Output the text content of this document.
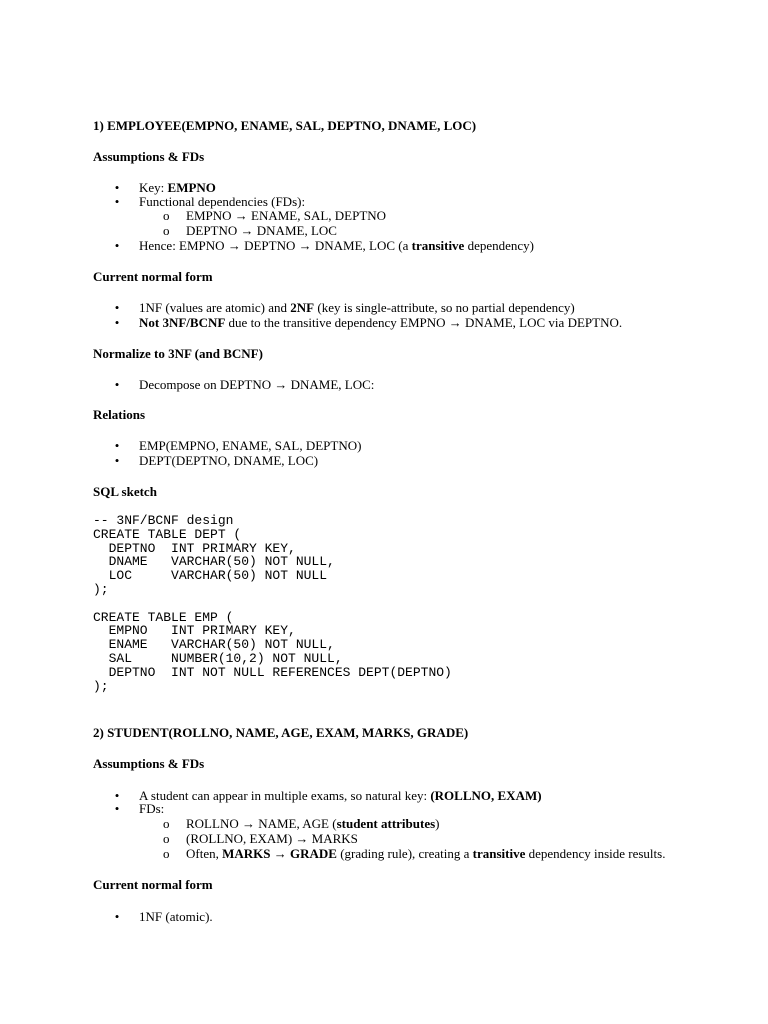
1) EMPLOYEE(EMPNO, ENAME, SAL, DEPTNO, DNAME, LOC)
Assumptions & FDs
• Key: EMPNO
• Functional dependencies (FDs):
o EMPNO → ENAME, SAL, DEPTNO
o DEPTNO → DNAME, LOC
• Hence: EMPNO → DEPTNO → DNAME, LOC (a transitive dependency)
Current normal form
• 1NF (values are atomic) and 2NF (key is single-attribute, so no partial dependency)
• Not 3NF/BCNF due to the transitive dependency EMPNO → DNAME, LOC via DEPTNO.
Normalize to 3NF (and BCNF)
• Decompose on DEPTNO → DNAME, LOC:
Relations
• EMP(EMPNO, ENAME, SAL, DEPTNO)
• DEPT(DEPTNO, DNAME, LOC)
SQL sketch
-- 3NF/BCNF design
CREATE TABLE DEPT (
DEPTNO  INT PRIMARY KEY,
DNAME   VARCHAR(50) NOT NULL,
LOC     VARCHAR(50) NOT NULL
);

CREATE TABLE EMP (
EMPNO   INT PRIMARY KEY,
ENAME   VARCHAR(50) NOT NULL,
SAL     NUMBER(10,2) NOT NULL,
DEPTNO  INT NOT NULL REFERENCES DEPT(DEPTNO)
);
2) STUDENT(ROLLNO, NAME, AGE, EXAM, MARKS, GRADE)
Assumptions & FDs
• A student can appear in multiple exams, so natural key: (ROLLNO, EXAM)
• FDs:
o ROLLNO → NAME, AGE (student attributes)
o (ROLLNO, EXAM) → MARKS
o Often, MARKS → GRADE (grading rule), creating a transitive dependency inside results.
Current normal form
• 1NF (atomic).
